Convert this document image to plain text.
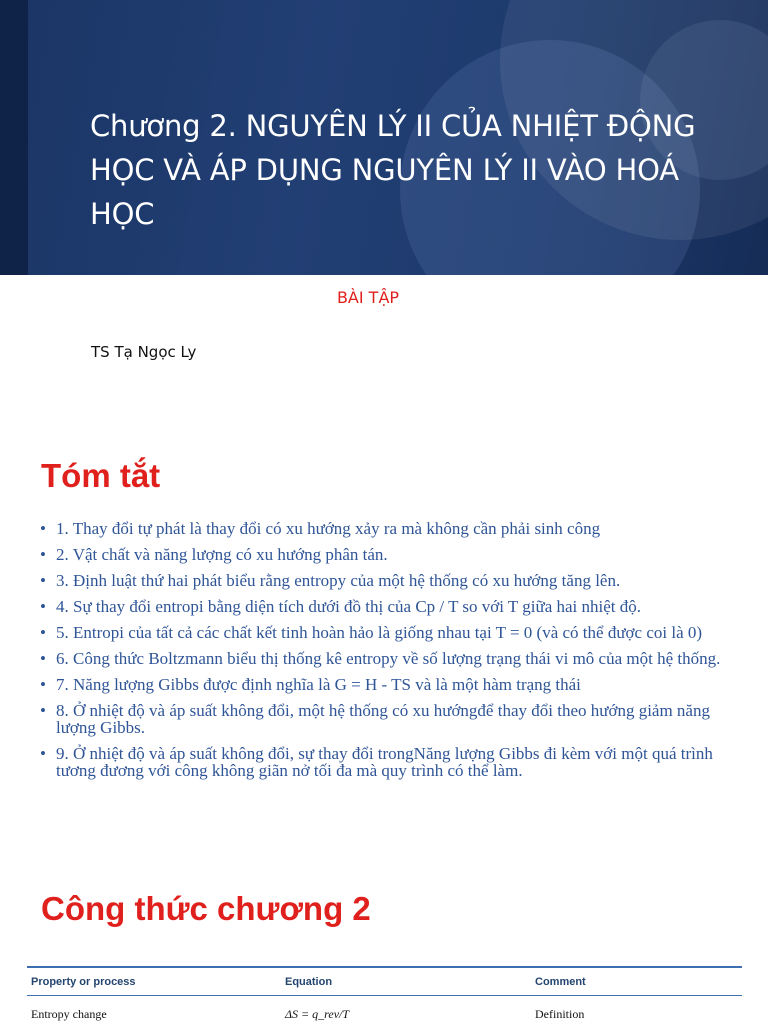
Chương 2. NGUYÊN LÝ II CỦA NHIỆT ĐỘNG HỌC VÀ ÁP DỤNG NGUYÊN LÝ II VÀO HOÁ HỌC
BÀI TẬP
TS Tạ Ngọc Ly
Tóm tắt
• 1. Thay đổi tự phát là thay đổi có xu hướng xảy ra mà không cần phải sinh công
• 2. Vật chất và năng lượng có xu hướng phân tán.
• 3. Định luật thứ hai phát biểu rằng entropy của một hệ thống có xu hướng tăng lên.
• 4. Sự thay đổi entropi bằng diện tích dưới đồ thị của Cp / T so với T giữa hai nhiệt độ.
• 5. Entropi của tất cả các chất kết tinh hoàn hảo là giống nhau tại T = 0 (và có thể được coi là 0)
• 6. Công thức Boltzmann biểu thị thống kê entropy về số lượng trạng thái vi mô của một hệ thống.
• 7. Năng lượng Gibbs được định nghĩa là G = H - TS và là một hàm trạng thái
• 8. Ở nhiệt độ và áp suất không đổi, một hệ thống có xu hướngđể thay đổi theo hướng giảm năng lượng Gibbs.
• 9. Ở nhiệt độ và áp suất không đổi, sự thay đổi trongNăng lượng Gibbs đi kèm với một quá trình tương đương với công không giãn nở tối đa mà quy trình có thể làm.
Công thức chương 2
Property or process	Equation	Comment
Entropy change	ΔS = q_rev/T	Definition
